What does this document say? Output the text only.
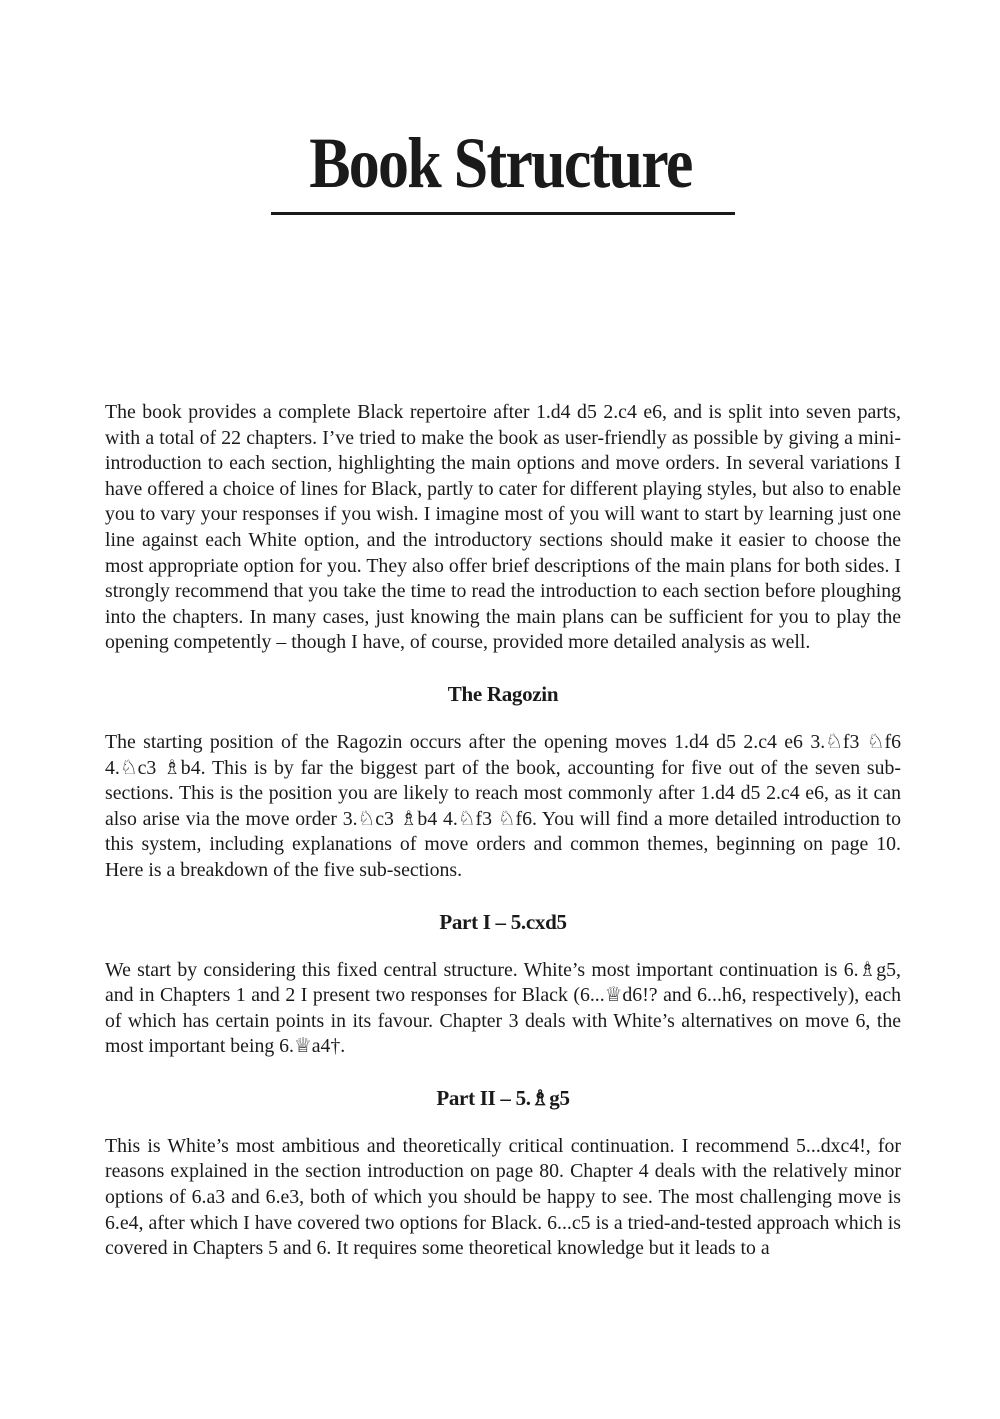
Book Structure

The book provides a complete Black repertoire after 1.d4 d5 2.c4 e6, and is split into seven parts, with a total of 22 chapters. I’ve tried to make the book as user-friendly as possible by giving a mini-introduction to each section, highlighting the main options and move orders. In several variations I have offered a choice of lines for Black, partly to cater for different playing styles, but also to enable you to vary your responses if you wish. I imagine most of you will want to start by learning just one line against each White option, and the introductory sections should make it easier to choose the most appropriate option for you. They also offer brief descriptions of the main plans for both sides. I strongly recommend that you take the time to read the introduction to each section before ploughing into the chapters. In many cases, just knowing the main plans can be sufficient for you to play the opening competently – though I have, of course, provided more detailed analysis as well.

The Ragozin

The starting position of the Ragozin occurs after the opening moves 1.d4 d5 2.c4 e6 3.♘f3 ♘f6 4.♘c3 ♗b4. This is by far the biggest part of the book, accounting for five out of the seven sub-sections. This is the position you are likely to reach most commonly after 1.d4 d5 2.c4 e6, as it can also arise via the move order 3.♘c3 ♗b4 4.♘f3 ♘f6. You will find a more detailed introduction to this system, including explanations of move orders and common themes, beginning on page 10. Here is a breakdown of the five sub-sections.

Part I – 5.cxd5

We start by considering this fixed central structure. White’s most important continuation is 6.♗g5, and in Chapters 1 and 2 I present two responses for Black (6...♕d6!? and 6...h6, respectively), each of which has certain points in its favour. Chapter 3 deals with White’s alternatives on move 6, the most important being 6.♕a4†.

Part II – 5.♗g5

This is White’s most ambitious and theoretically critical continuation. I recommend 5...dxc4!, for reasons explained in the section introduction on page 80. Chapter 4 deals with the relatively minor options of 6.a3 and 6.e3, both of which you should be happy to see. The most challenging move is 6.e4, after which I have covered two options for Black. 6...c5 is a tried-and-tested approach which is covered in Chapters 5 and 6. It requires some theoretical knowledge but it leads to a
